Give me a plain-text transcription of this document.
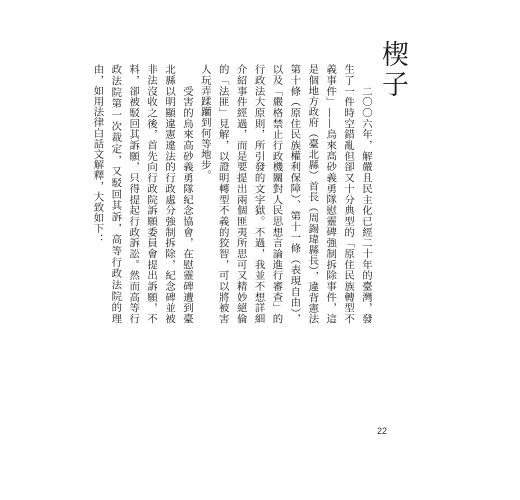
楔子

　　二〇〇六年，解嚴且民主化已經二十年的臺灣，發生了一件時空錯亂但卻又十分典型的「原住民族轉型不義事件」——烏來高砂義勇隊慰靈碑強制拆除事件，這是個地方政府（臺北縣）首長（周錫瑋縣長），違背憲法第十條（原住民族權利保障）、第十一條（表現自由），以及「嚴格禁止行政機關對人民思想言論進行審查」的行政法大原則，所引發的文字獄。不過，我並不想詳細介紹事件經過，而是要提出兩個匪夷所思可又精妙絕倫的「法匪」見解，以證明轉型不義的狡智，可以將被害人玩弄蹂躪到何等地步。

　　受害的烏來高砂義勇隊紀念協會，在慰靈碑遭到臺北縣以明顯違憲違法的行政處分強制拆除，紀念碑並被非法沒收之後，首先向行政院訴願委員會提出訴願，不料，卻被駁回其訴願，只得提起行政訴訟。然而高等行政法院第一次裁定，又駁回其訴，高等行政法院的理由，如用法律白話文解釋，大致如下：

22
